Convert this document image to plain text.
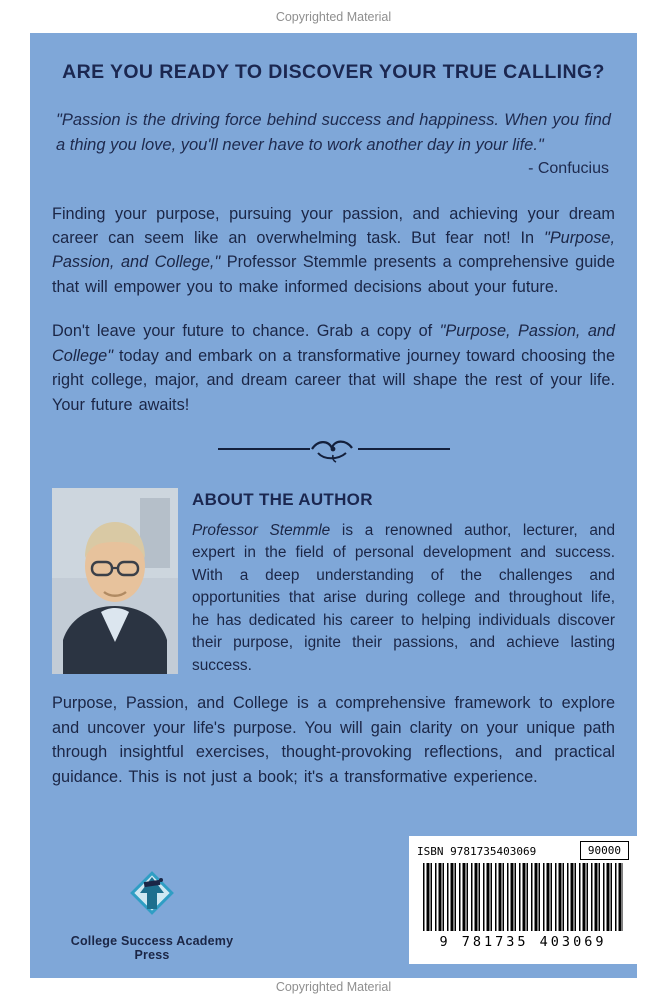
Copyrighted Material
ARE YOU READY TO DISCOVER YOUR TRUE CALLING?

"Passion is the driving force behind success and happiness. When you find a thing you love, you'll never have to work another day in your life."

- Confucius

Finding your purpose, pursuing your passion, and achieving your dream career can seem like an overwhelming task. But fear not! In "Purpose, Passion, and College," Professor Stemmle presents a comprehensive guide that will empower you to make informed decisions about your future.

Don't leave your future to chance. Grab a copy of "Purpose, Passion, and College" today and embark on a transformative journey toward choosing the right college, major, and dream career that will shape the rest of your life. Your future awaits!

ABOUT THE AUTHOR

Professor Stemmle is a renowned author, lecturer, and expert in the field of personal development and success. With a deep understanding of the challenges and opportunities that arise during college and throughout life, he has dedicated his career to helping individuals discover their purpose, ignite their passions, and achieve lasting success.

Purpose, Passion, and College is a comprehensive framework to explore and uncover your life's purpose. You will gain clarity on your unique path through insightful exercises, thought-provoking reflections, and practical guidance. This is not just a book; it's a transformative experience.

College Success Academy Press
ISBN 9781735403069	90000
9 781735 403069
Copyrighted Material
